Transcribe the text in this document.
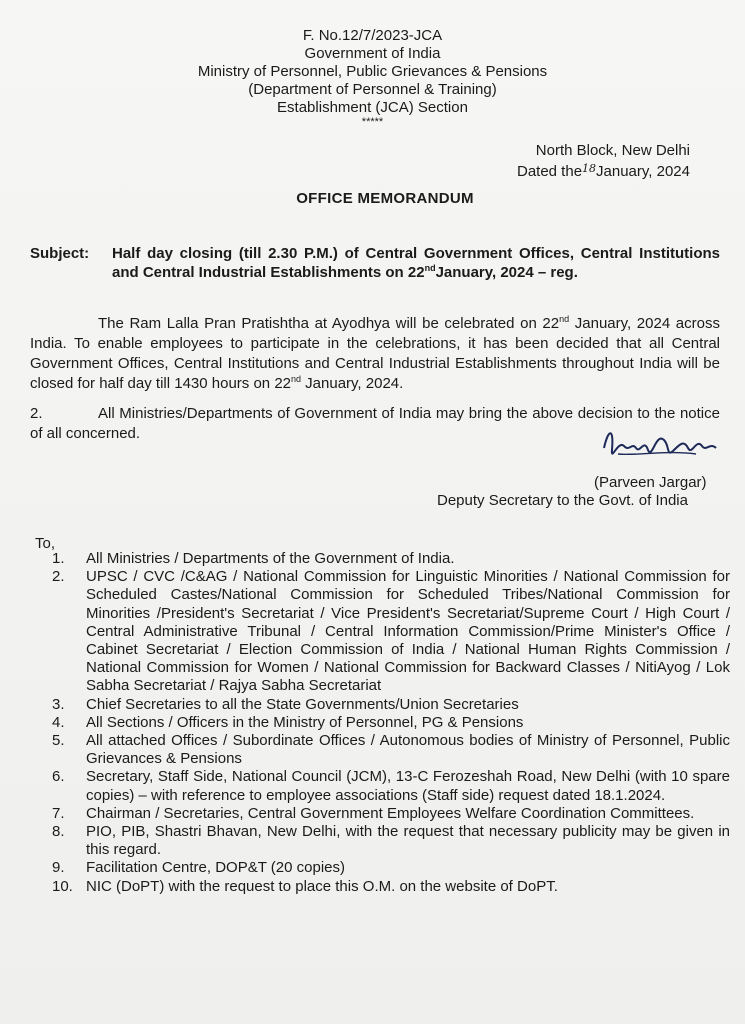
F. No.12/7/2023-JCA
Government of India
Ministry of Personnel, Public Grievances & Pensions
(Department of Personnel & Training)
Establishment (JCA) Section
*****
North Block, New Delhi
Dated the$^{18}$January, 2024
OFFICE MEMORANDUM
Subject: Half day closing (till 2.30 P.M.) of Central Government Offices, Central Institutions and Central Industrial Establishments on 22ndJanuary, 2024 – reg.
The Ram Lalla Pran Pratishtha at Ayodhya will be celebrated on 22nd January, 2024 across India. To enable employees to participate in the celebrations, it has been decided that all Central Government Offices, Central Institutions and Central Industrial Establishments throughout India will be closed for half day till 1430 hours on 22nd January, 2024.
2.	All Ministries/Departments of Government of India may bring the above decision to the notice of all concerned.
(Parveen Jargar)
Deputy Secretary to the Govt. of India
To,
1.	All Ministries / Departments of the Government of India.
2.	UPSC / CVC /C&AG / National Commission for Linguistic Minorities / National Commission for Scheduled Castes/National Commission for Scheduled Tribes/National Commission for Minorities /President's Secretariat / Vice President's Secretariat/Supreme Court / High Court / Central Administrative Tribunal / Central Information Commission/Prime Minister's Office / Cabinet Secretariat / Election Commission of India / National Human Rights Commission / National Commission for Women / National Commission for Backward Classes / NitiAyog / Lok Sabha Secretariat / Rajya Sabha Secretariat
3.	Chief Secretaries to all the State Governments/Union Secretaries
4.	All Sections / Officers in the Ministry of Personnel, PG & Pensions
5.	All attached Offices / Subordinate Offices / Autonomous bodies of Ministry of Personnel, Public Grievances & Pensions
6.	Secretary, Staff Side, National Council (JCM), 13-C Ferozeshah Road, New Delhi (with 10 spare copies) – with reference to employee associations (Staff side) request dated 18.1.2024.
7.	Chairman / Secretaries, Central Government Employees Welfare Coordination Committees.
8.	PIO, PIB, Shastri Bhavan, New Delhi, with the request that necessary publicity may be given in this regard.
9.	Facilitation Centre, DOP&T (20 copies)
10. NIC (DoPT) with the request to place this O.M. on the website of DoPT.
